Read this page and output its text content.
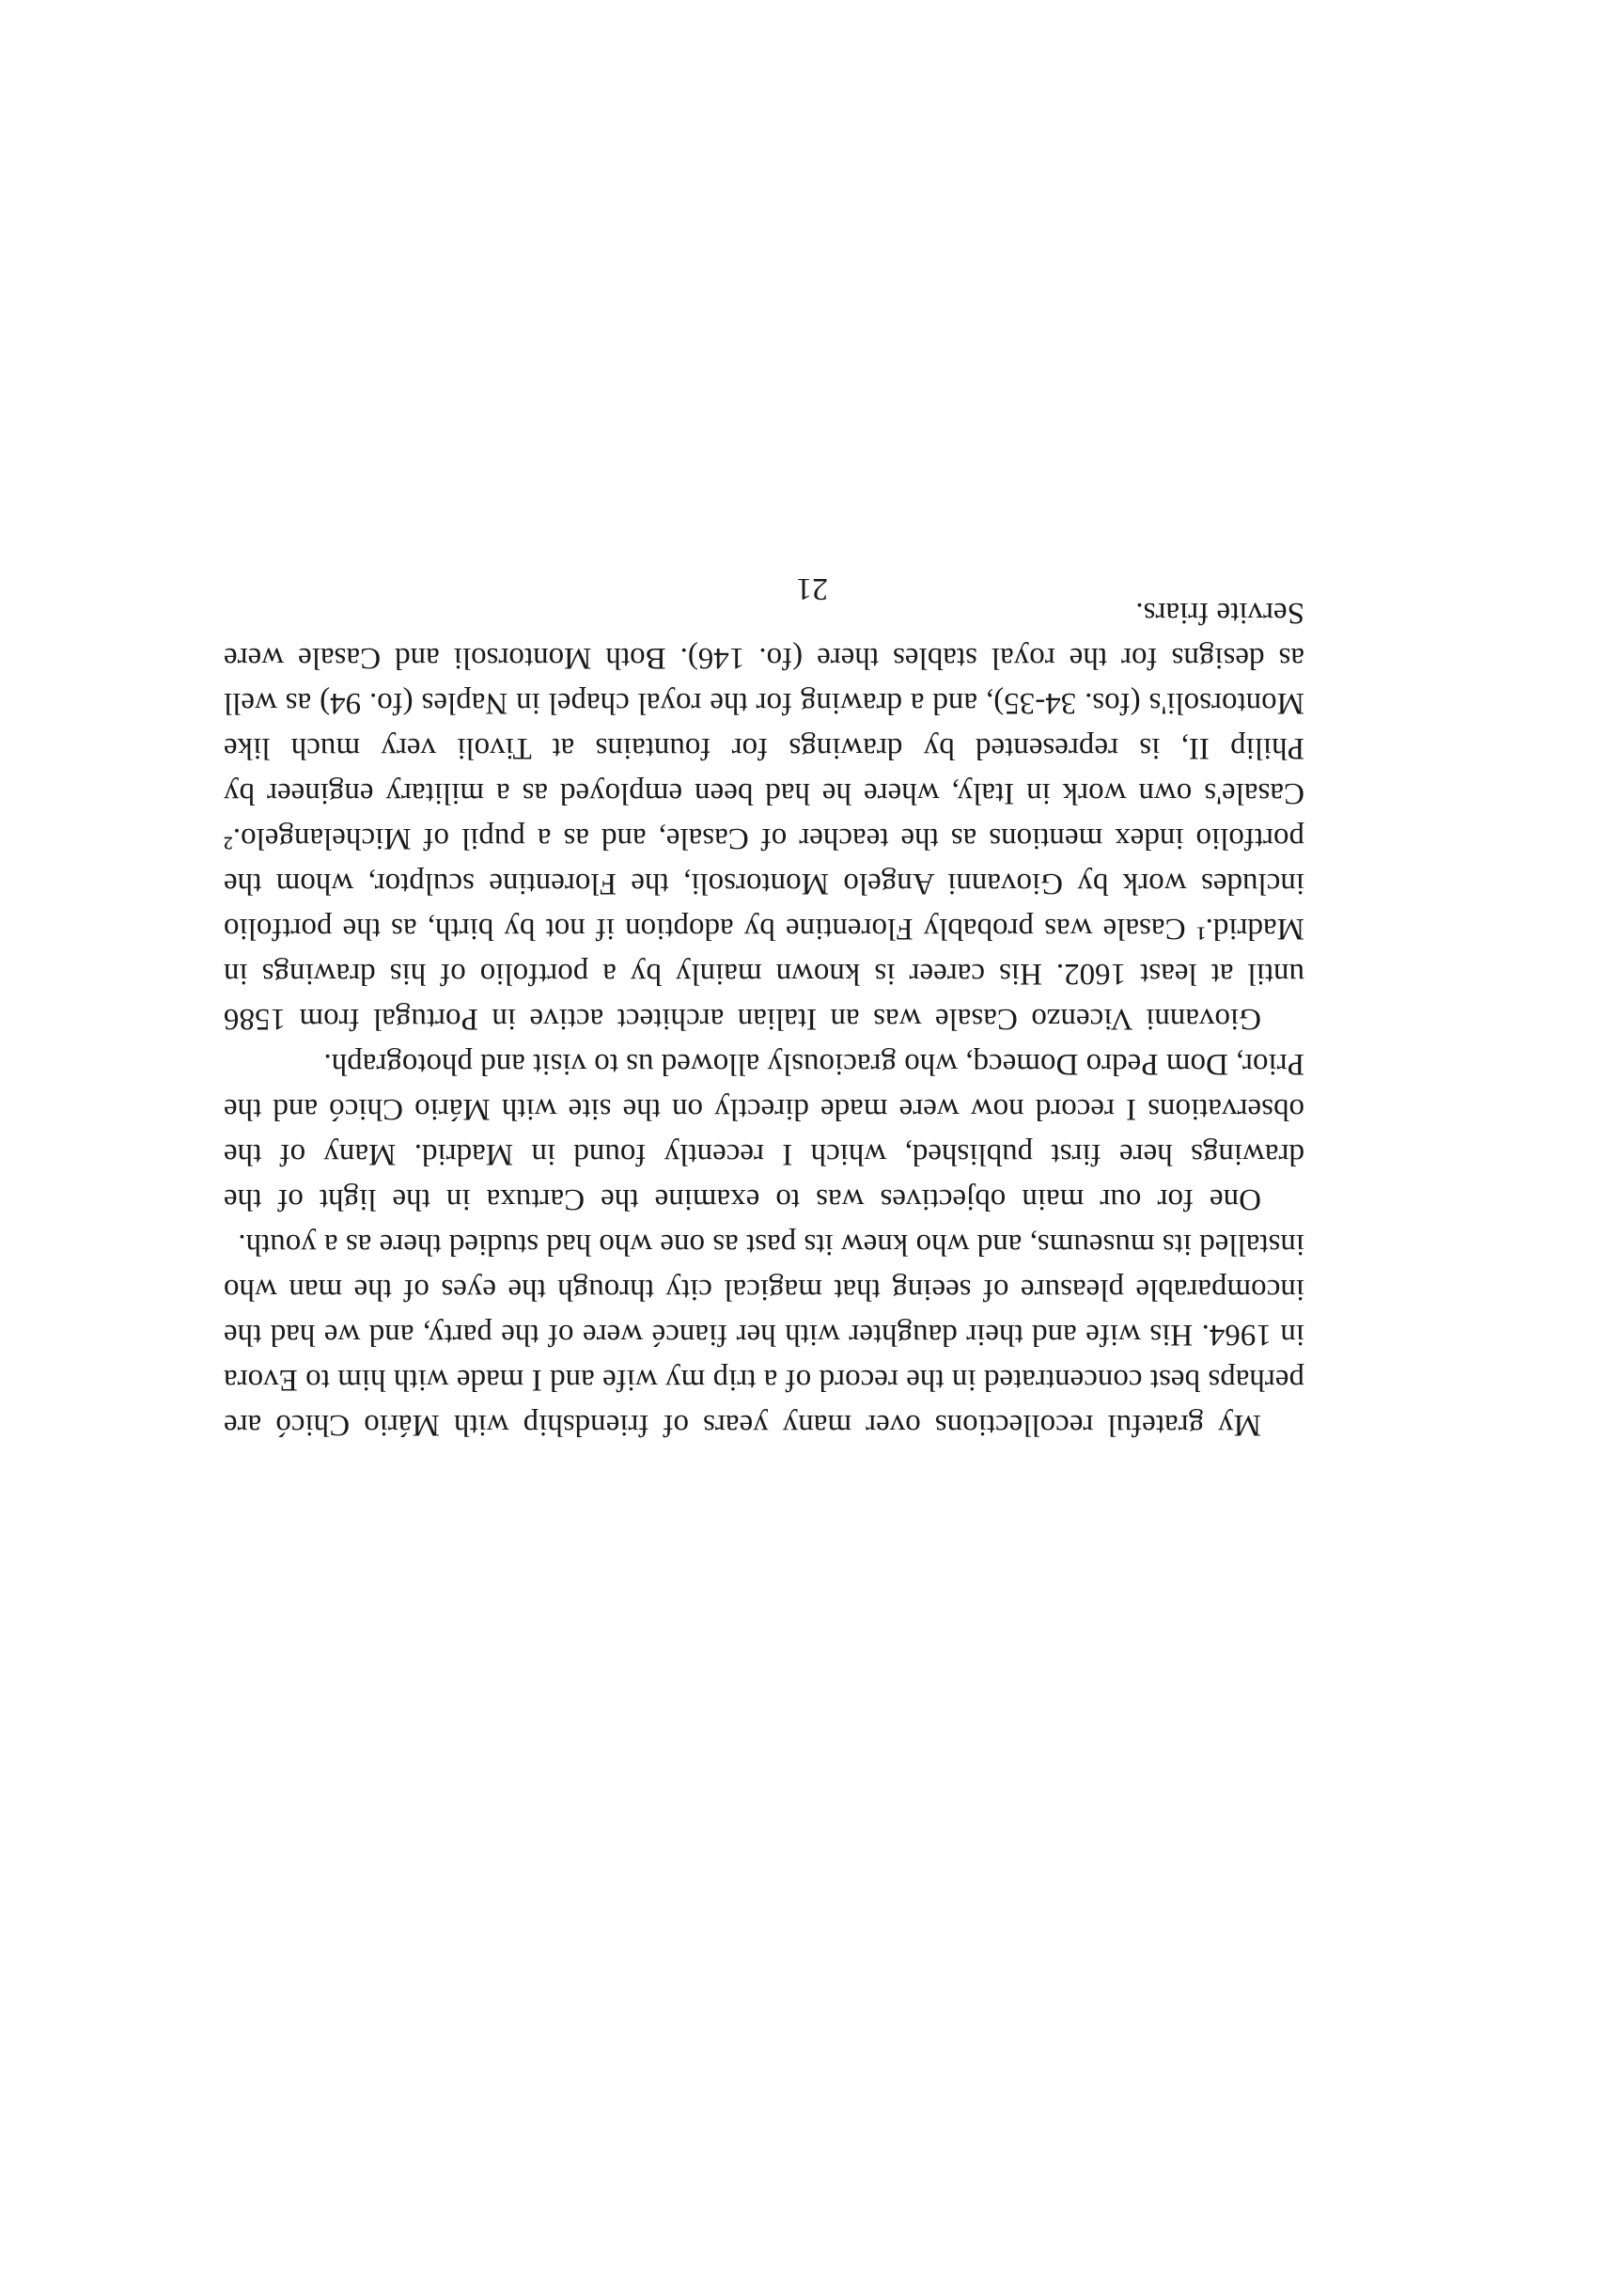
My grateful recollections over many years of friendship with Mário Chicó are perhaps best concentrated in the record of a trip my wife and I made with him to Evora in 1964. His wife and their daughter with her fiancé were of the party, and we had the incomparable pleasure of seeing that magical city through the eyes of the man who installed its museums, and who knew its past as one who had studied there as a youth.

One for our main objectives was to examine the Cartuxa in the light of the drawings here first published, which I recently found in Madrid. Many of the observations I record now were made directly on the site with Mário Chicó and the Prior, Dom Pedro Domecq, who graciously allowed us to visit and photograph.

Giovanni Vicenzo Casale was an Italian architect active in Portugal from 1586 until at least 1602. His career is known mainly by a portfolio of his drawings in Madrid.¹ Casale was probably Florentine by adoption if not by birth, as the portfolio includes work by Giovanni Angelo Montorsoli, the Florentine sculptor, whom the portfolio index mentions as the teacher of Casale, and as a pupil of Michelangelo.² Casale's own work in Italy, where he had been employed as a military engineer by Philip II, is represented by drawings for fountains at Tivoli very much like Montorsoli's (fos. 34-35), and a drawing for the royal chapel in Naples (fo. 94) as well as designs for the royal stables there (fo. 146). Both Montorsoli and Casale were Servite friars.

21
